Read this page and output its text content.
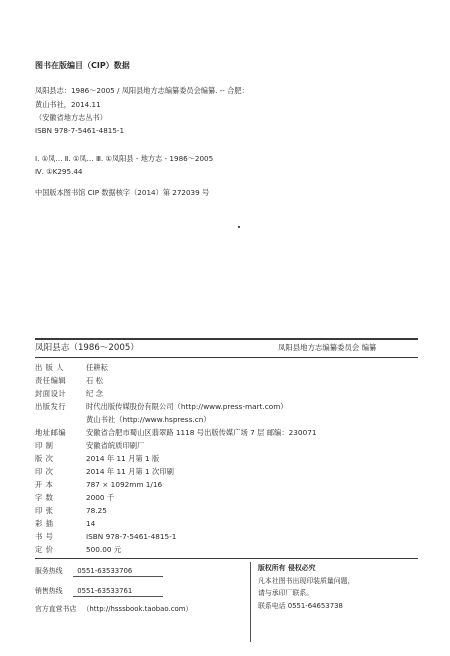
图书在版编目（CIP）数据
凤阳县志：1986～2005 / 凤阳县地方志编纂委员会编纂. -- 合肥：
黄山书社，2014.11
（安徽省地方志丛书）
ISBN 978-7-5461-4815-1
Ⅰ. ①凤… Ⅱ. ①凤… Ⅲ. ①凤阳县 - 地方志 - 1986～2005
Ⅳ. ①K295.44
中国版本图书馆 CIP 数据核字（2014）第 272039 号
凤阳县志（1986～2005）	凤阳县地方志编纂委员会 编纂
出 版 人	任耕耘
责任编辑	石 松
封面设计	纪 念
出版发行	时代出版传媒股份有限公司（http://www.press-mart.com）
黄山书社（http://www.hspress.cn）
地址邮编	安徽省合肥市蜀山区翡翠路 1118 号出版传媒广场 7 层 邮编：230071
印 制	安徽省皖质印刷厂
版 次	2014 年 11 月第 1 版
印 次	2014 年 11 月第 1 次印刷
开 本	787 × 1092mm 1/16
字 数	2000 千
印 张	78.25
彩 插	14
书 号	ISBN 978-7-5461-4815-1
定 价	500.00 元
服务热线 0551-63533706
销售热线 0551-63533761
官方直营书店 （http://hsssbook.taobao.com）
版权所有 侵权必究
凡本社图书出现印装质量问题，
请与承印厂联系。
联系电话 0551-64653738
